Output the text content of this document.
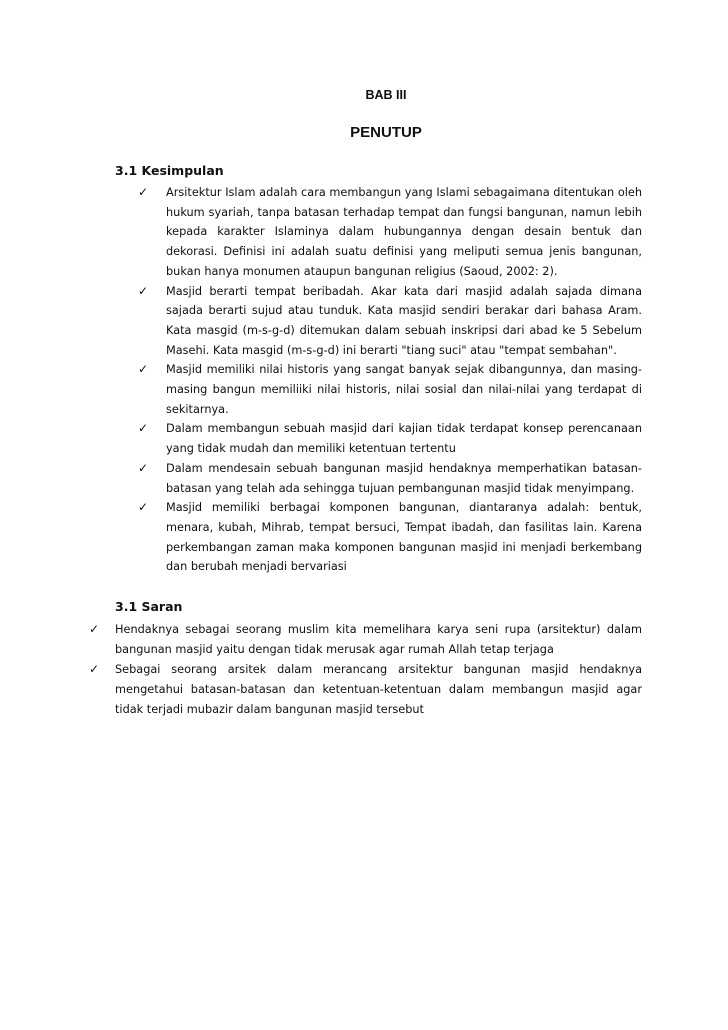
BAB III
PENUTUP
3.1 Kesimpulan
✓ Arsitektur Islam adalah cara membangun yang Islami sebagaimana ditentukan oleh hukum syariah, tanpa batasan terhadap tempat dan fungsi bangunan, namun lebih kepada karakter Islaminya dalam hubungannya dengan desain bentuk dan dekorasi. Definisi ini adalah suatu definisi yang meliputi semua jenis bangunan, bukan hanya monumen ataupun bangunan religius (Saoud, 2002: 2).
✓ Masjid berarti tempat beribadah. Akar kata dari masjid adalah sajada dimana sajada berarti sujud atau tunduk. Kata masjid sendiri berakar dari bahasa Aram. Kata masgid (m-s-g-d) ditemukan dalam sebuah inskripsi dari abad ke 5 Sebelum Masehi. Kata masgid (m-s-g-d) ini berarti "tiang suci" atau "tempat sembahan".
✓ Masjid memiliki nilai historis yang sangat banyak sejak dibangunnya, dan masing-masing bangun memiliiki nilai historis, nilai sosial dan nilai-nilai yang terdapat di sekitarnya.
✓ Dalam membangun sebuah masjid dari kajian tidak terdapat konsep perencanaan yang tidak mudah dan memiliki ketentuan tertentu
✓ Dalam mendesain sebuah bangunan masjid hendaknya memperhatikan batasan-batasan yang telah ada sehingga tujuan pembangunan masjid tidak menyimpang.
✓ Masjid memiliki berbagai komponen bangunan, diantaranya adalah: bentuk, menara, kubah, Mihrab, tempat bersuci, Tempat ibadah, dan fasilitas lain. Karena perkembangan zaman maka komponen bangunan masjid ini menjadi berkembang dan berubah menjadi bervariasi
3.1 Saran
✓ Hendaknya sebagai seorang muslim kita memelihara karya seni rupa (arsitektur) dalam bangunan masjid yaitu dengan tidak merusak agar rumah Allah tetap terjaga
✓ Sebagai seorang arsitek dalam merancang arsitektur bangunan masjid hendaknya mengetahui batasan-batasan dan ketentuan-ketentuan dalam membangun masjid agar tidak terjadi mubazir dalam bangunan masjid tersebut
